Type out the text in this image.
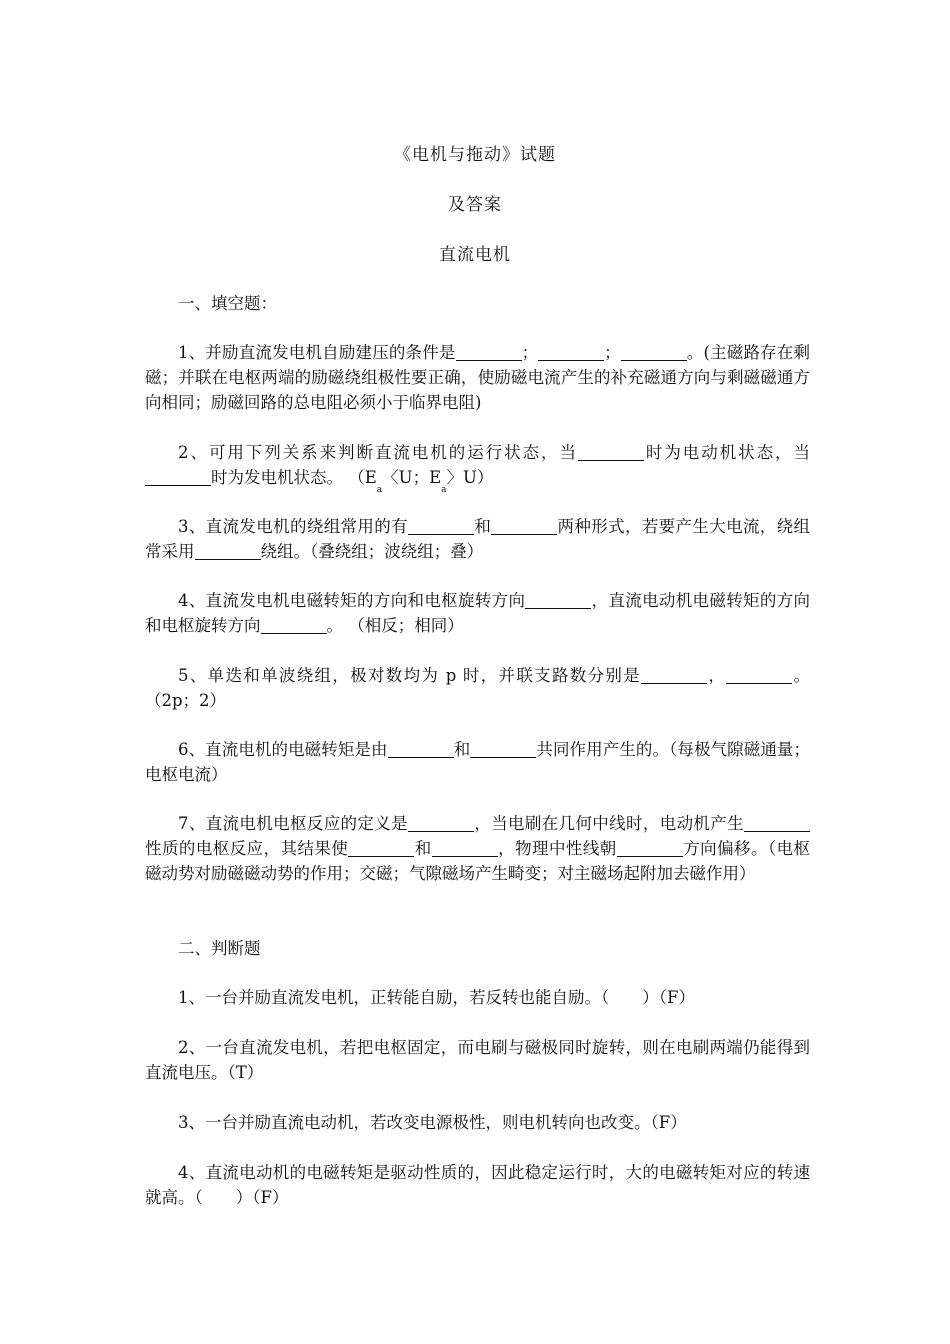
《电机与拖动》试题
及答案
直流电机
一、填空题：
1、并励直流发电机自励建压的条件是	；	；	。(主磁路存在剩磁；并联在电枢两端的励磁绕组极性要正确，使励磁电流产生的补充磁通方向与剩磁磁通方向相同；励磁回路的总电阻必须小于临界电阻)
2、可用下列关系来判断直流电机的运行状态，当	时为电动机状态，当时为发电机状态。 （$E_a$〈U；$E_a$〉U）
3、直流发电机的绕组常用的有	和	两种形式，若要产生大电流，绕组常采用	绕组。（叠绕组；波绕组；叠）
4、直流发电机电磁转矩的方向和电枢旋转方向	，直流电动机电磁转矩的方向和电枢旋转方向	。 （相反；相同）
5、单迭和单波绕组，极对数均为 p 时，并联支路数分别是	，	。（2p；2）
6、直流电机的电磁转矩是由	和	共同作用产生的。（每极气隙磁通量；电枢电流）
7、直流电机电枢反应的定义是	，当电刷在几何中线时，电动机产生性质的电枢反应，其结果使	和	，物理中性线朝	方向偏移。（电枢磁动势对励磁磁动势的作用；交磁；气隙磁场产生畸变；对主磁场起附加去磁作用）
二、判断题
1、一台并励直流发电机，正转能自励，若反转也能自励。（　　）（F）
2、一台直流发电机，若把电枢固定，而电刷与磁极同时旋转，则在电刷两端仍能得到直流电压。（T）
3、一台并励直流电动机，若改变电源极性，则电机转向也改变。（F）
4、直流电动机的电磁转矩是驱动性质的，因此稳定运行时，大的电磁转矩对应的转速就高。（　　）（F）
